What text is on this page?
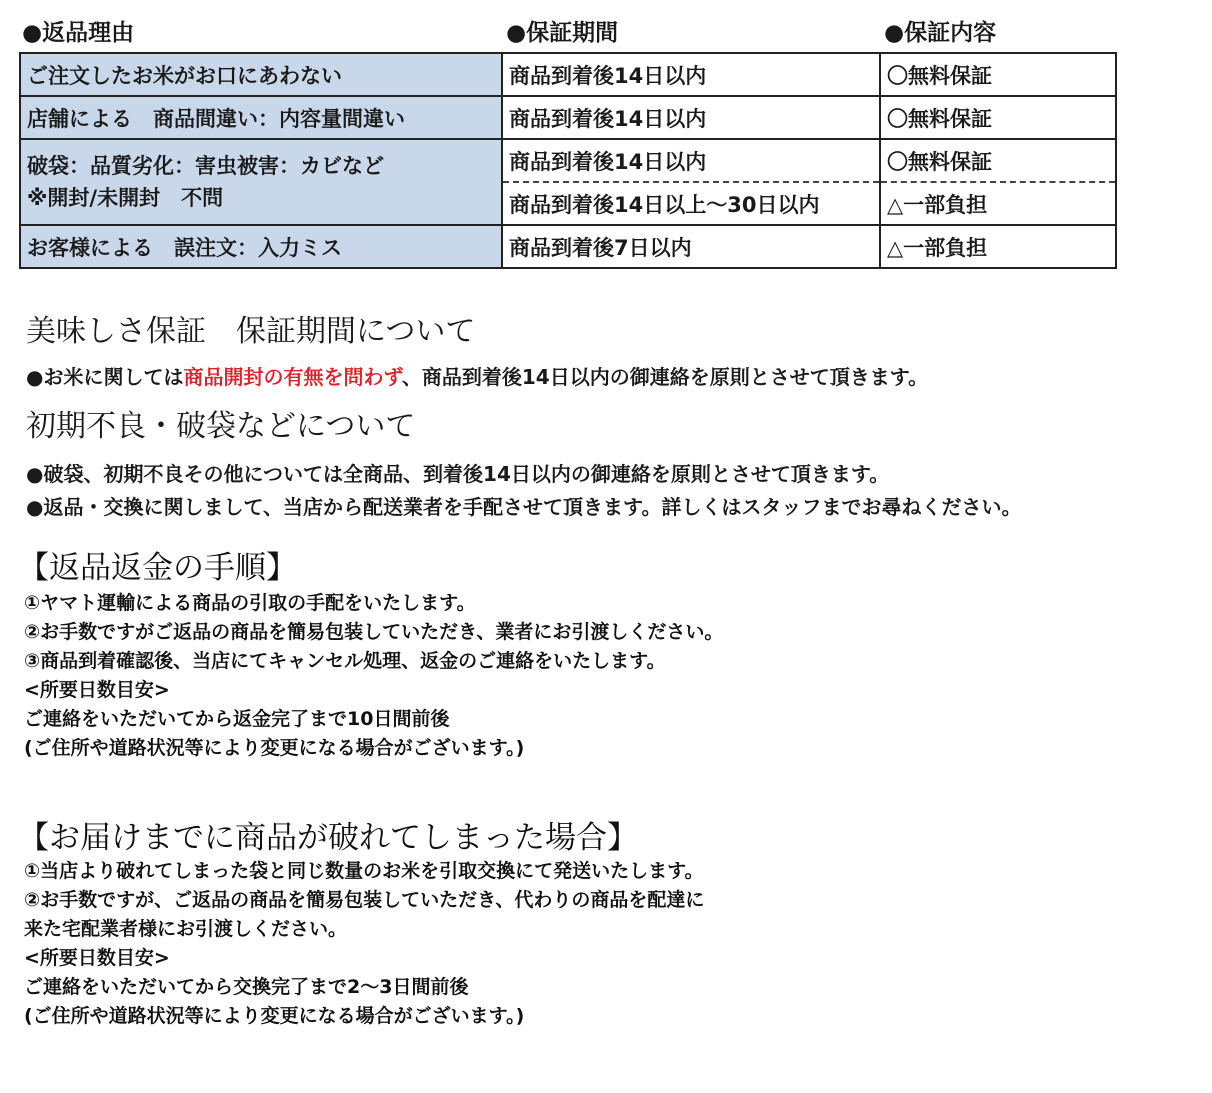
●返品理由	●保証期間	●保証内容
ご注文したお米がお口にあわない	商品到着後14日以内	〇無料保証
店舗による　商品間違い：内容量間違い	商品到着後14日以内	〇無料保証

破袋：品質劣化：害虫被害：カビなど
※開封/未開封　不問	商品到着後14日以内	〇無料保証
	商品到着後14日以上～30日以内	△一部負担
お客様による　誤注文：入力ミス	商品到着後7日以内	△一部負担
美味しさ保証　保証期間について
●お米に関しては商品開封の有無を問わず、商品到着後14日以内の御連絡を原則とさせて頂きます。
初期不良・破袋などについて
●破袋、初期不良その他については全商品、到着後14日以内の御連絡を原則とさせて頂きます。
●返品・交換に関しまして、当店から配送業者を手配させて頂きます。詳しくはスタッフまでお尋ねください。
【返品返金の手順】
①ヤマト運輸による商品の引取の手配をいたします。
②お手数ですがご返品の商品を簡易包装していただき、業者にお引渡しください。
③商品到着確認後、当店にてキャンセル処理、返金のご連絡をいたします。
<所要日数目安>
ご連絡をいただいてから返金完了まで10日間前後
(ご住所や道路状況等により変更になる場合がございます。)
【お届けまでに商品が破れてしまった場合】
①当店より破れてしまった袋と同じ数量のお米を引取交換にて発送いたします。
②お手数ですが、ご返品の商品を簡易包装していただき、代わりの商品を配達に
来た宅配業者様にお引渡しください。
<所要日数目安>
ご連絡をいただいてから交換完了まで2～3日間前後
(ご住所や道路状況等により変更になる場合がございます。)
